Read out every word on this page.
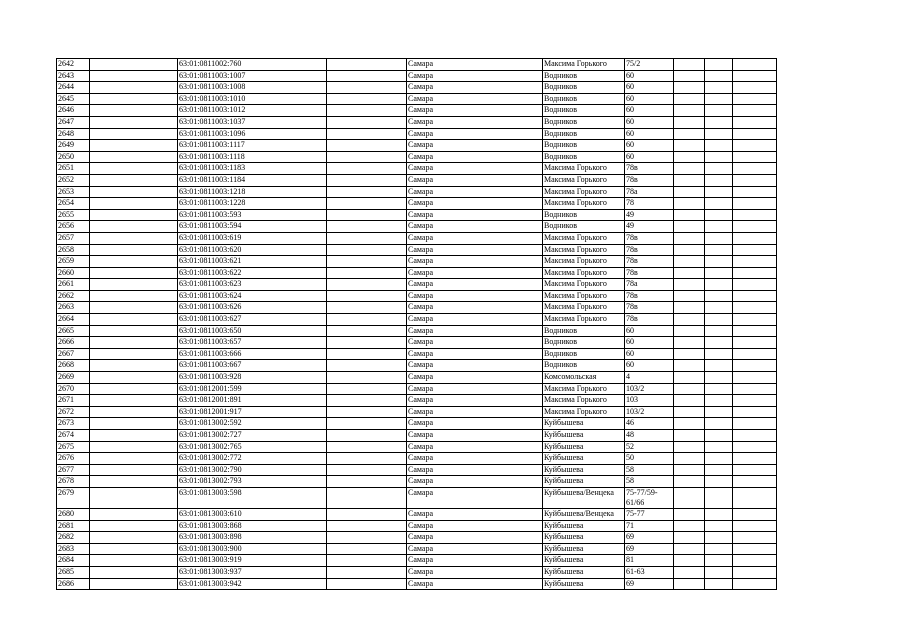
2642		63:01:0811002:760		Самара	Максима Горького	75/2			
2643		63:01:0811003:1007		Самара	Водников	60			
2644		63:01:0811003:1008		Самара	Водников	60			
2645		63:01:0811003:1010		Самара	Водников	60			
2646		63:01:0811003:1012		Самара	Водников	60			
2647		63:01:0811003:1037		Самара	Водников	60			
2648		63:01:0811003:1096		Самара	Водников	60			
2649		63:01:0811003:1117		Самара	Водников	60			
2650		63:01:0811003:1118		Самара	Водников	60			
2651		63:01:0811003:1183		Самара	Максима Горького	78в			
2652		63:01:0811003:1184		Самара	Максима Горького	78в			
2653		63:01:0811003:1218		Самара	Максима Горького	78а			
2654		63:01:0811003:1228		Самара	Максима Горького	78			
2655		63:01:0811003:593		Самара	Водников	49			
2656		63:01:0811003:594		Самара	Водников	49			
2657		63:01:0811003:619		Самара	Максима Горького	78в			
2658		63:01:0811003:620		Самара	Максима Горького	78в			
2659		63:01:0811003:621		Самара	Максима Горького	78в			
2660		63:01:0811003:622		Самара	Максима Горького	78в			
2661		63:01:0811003:623		Самара	Максима Горького	78а			
2662		63:01:0811003:624		Самара	Максима Горького	78в			
2663		63:01:0811003:626		Самара	Максима Горького	78в			
2664		63:01:0811003:627		Самара	Максима Горького	78в			
2665		63:01:0811003:650		Самара	Водников	60			
2666		63:01:0811003:657		Самара	Водников	60			
2667		63:01:0811003:666		Самара	Водников	60			
2668		63:01:0811003:667		Самара	Водников	60			
2669		63:01:0811003:928		Самара	Комсомольская	4			
2670		63:01:0812001:599		Самара	Максима Горького	103/2			
2671		63:01:0812001:891		Самара	Максима Горького	103			
2672		63:01:0812001:917		Самара	Максима Горького	103/2			
2673		63:01:0813002:592		Самара	Куйбышева	46			
2674		63:01:0813002:727		Самара	Куйбышева	48			
2675		63:01:0813002:765		Самара	Куйбышева	52			
2676		63:01:0813002:772		Самара	Куйбышева	50			
2677		63:01:0813002:790		Самара	Куйбышева	58			
2678		63:01:0813002:793		Самара	Куйбышева	58			
2679		63:01:0813003:598		Самара	Куйбышева/Венцека	75-77/59-61/66			
2680		63:01:0813003:610		Самара	Куйбышева/Венцека	75-77			
2681		63:01:0813003:868		Самара	Куйбышева	71			
2682		63:01:0813003:898		Самара	Куйбышева	69			
2683		63:01:0813003:900		Самара	Куйбышева	69			
2684		63:01:0813003:919		Самара	Куйбышева	81			
2685		63:01:0813003:937		Самара	Куйбышева	61-63			
2686		63:01:0813003:942		Самара	Куйбышева	69			
